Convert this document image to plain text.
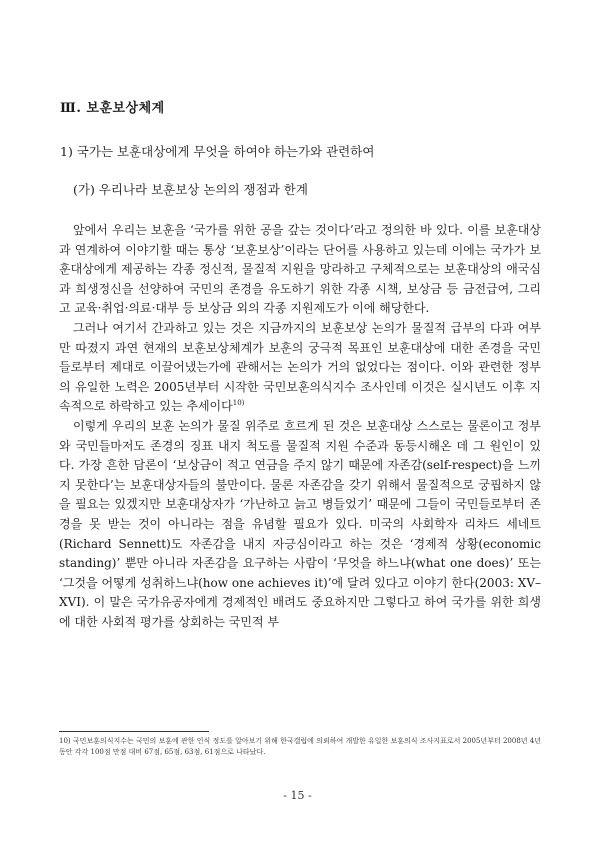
Ⅲ. 보훈보상체계
1) 국가는 보훈대상에게 무엇을 하여야 하는가와 관련하여
(가) 우리나라 보훈보상 논의의 쟁점과 한계

앞에서 우리는 보훈을 ‘국가를 위한 공을 갚는 것이다’라고 정의한 바 있다. 이를 보훈대상과 연계하여 이야기할 때는 통상 ‘보훈보상’이라는 단어를 사용하고 있는데 이에는 국가가 보훈대상에게 제공하는 각종 정신적, 물질적 지원을 망라하고 구체적으로는 보훈대상의 애국심과 희생정신을 선양하여 국민의 존경을 유도하기 위한 각종 시책, 보상금 등 금전급여, 그리고 교육·취업·의료·대부 등 보상금 외의 각종 지원제도가 이에 해당한다.

그러나 여기서 간과하고 있는 것은 지금까지의 보훈보상 논의가 물질적 급부의 다과 여부만 따졌지 과연 현재의 보훈보상체계가 보훈의 궁극적 목표인 보훈대상에 대한 존경을 국민들로부터 제대로 이끌어냈는가에 관해서는 논의가 거의 없었다는 점이다. 이와 관련한 정부의 유일한 노력은 2005년부터 시작한 국민보훈의식지수 조사인데 이것은 실시년도 이후 지속적으로 하락하고 있는 추세이다$^{10)}$

이렇게 우리의 보훈 논의가 물질 위주로 흐르게 된 것은 보훈대상 스스로는 물론이고 정부와 국민들마저도 존경의 징표 내지 척도를 물질적 지원 수준과 동등시해온 데 그 원인이 있다. 가장 흔한 담론이 ‘보상금이 적고 연금을 주지 않기 때문에 자존감(self-respect)을 느끼지 못한다’는 보훈대상자들의 불만이다. 물론 자존감을 갖기 위해서 물질적으로 궁핍하지 않을 필요는 있겠지만 보훈대상자가 ‘가난하고 늙고 병들었기’ 때문에 그들이 국민들로부터 존경을 못 받는 것이 아니라는 점을 유념할 필요가 있다. 미국의 사회학자 리차드 세네트(Richard Sennett)도 자존감을 내지 자긍심이라고 하는 것은 ‘경제적 상황(economic standing)’ 뿐만 아니라 자존감을 요구하는 사람이 ‘무엇을 하느냐(what one does)’ 또는 ‘그것을 어떻게 성취하느냐(how one achieves it)’에 달려 있다고 이야기 한다(2003: XV–XVI). 이 말은 국가유공자에게 경제적인 배려도 중요하지만 그렇다고 하여 국가를 위한 희생에 대한 사회적 평가를 상회하는 국민적 부

10) 국민보훈의식지수는 국민의 보훈에 관한 인식 정도를 알아보기 위해 한국갤럽에 의뢰하여 개발한 유일한 보훈의식 조사지표로서 2005년부터 2008년 4년 동안 각각 100점 만점 대비 67점, 65점, 63점, 61점으로 나타났다.
- 15 -
